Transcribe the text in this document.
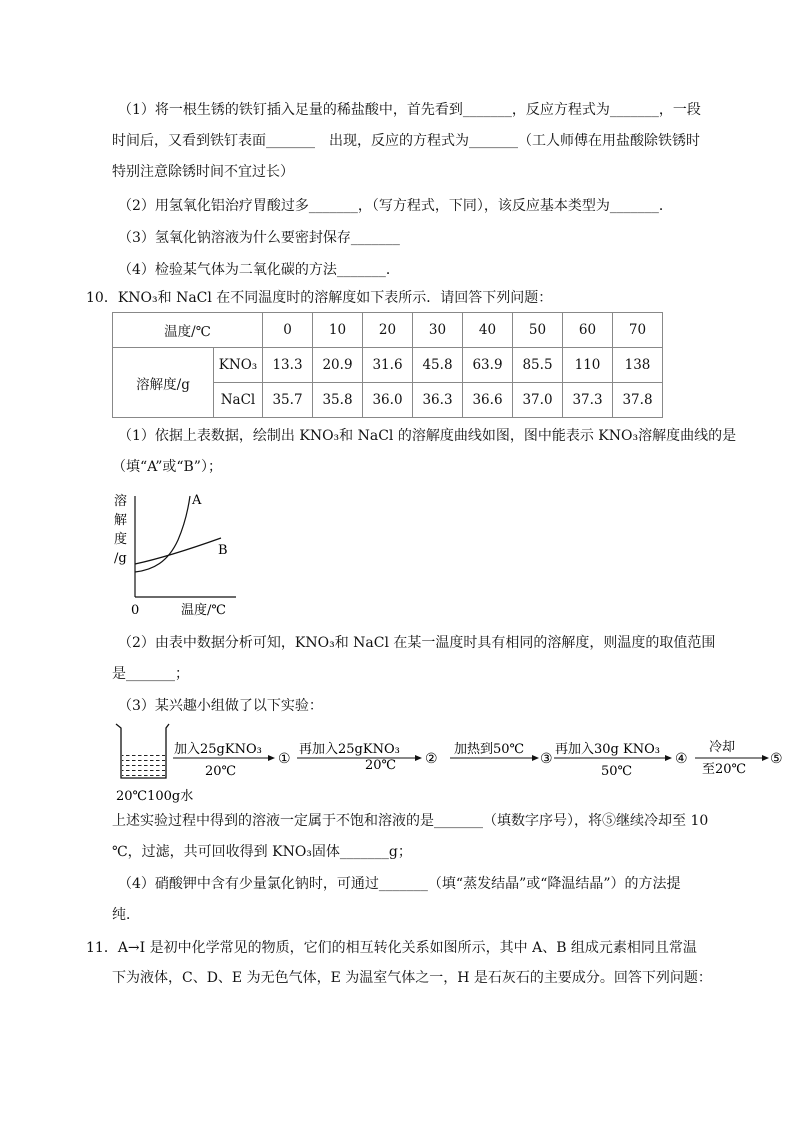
（1）将一根生锈的铁钉插入足量的稀盐酸中，首先看到_______，反应方程式为_______，一段
时间后，又看到铁钉表面_______　出现，反应的方程式为_______（工人师傅在用盐酸除铁锈时
特别注意除锈时间不宜过长）
（2）用氢氧化铝治疗胃酸过多_______，（写方程式，下同），该反应基本类型为_______．
（3）氢氧化钠溶液为什么要密封保存_______
（4）检验某气体为二氧化碳的方法_______．
10．KNO₃和 NaCl 在不同温度时的溶解度如下表所示．请回答下列问题：
温度/℃		0	10	20	30	40	50	60	70
溶解度/g	KNO₃	13.3	20.9	31.6	45.8	63.9	85.5	110	138
	NaCl	35.7	35.8	36.0	36.3	36.6	37.0	37.3	37.8
（1）依据上表数据，绘制出 KNO₃和 NaCl 的溶解度曲线如图，图中能表示 KNO₃溶解度曲线的是
（填“A”或“B”）；
溶
解
度
/g
0	温度/℃
A
B
（2）由表中数据分析可知，KNO₃和 NaCl 在某一温度时具有相同的溶解度，则温度的取值范围
是_______；
（3）某兴趣小组做了以下实验：
20℃100g水
加入25gKNO₃
20℃
①
再加入25gKNO₃
20℃ ②
加热到50℃
③
再加入30g KNO₃
50℃
④
冷却
至20℃
⑤
上述实验过程中得到的溶液一定属于不饱和溶液的是_______（填数字序号），将⑤继续冷却至 10
℃，过滤，共可回收得到 KNO₃固体_______g；
（4）硝酸钾中含有少量氯化钠时，可通过_______（填“蒸发结晶”或“降温结晶”）的方法提
纯．
11．A→I 是初中化学常见的物质，它们的相互转化关系如图所示，其中 A、B 组成元素相同且常温
下为液体，C、D、E 为无色气体，E 为温室气体之一，H 是石灰石的主要成分。回答下列问题：
